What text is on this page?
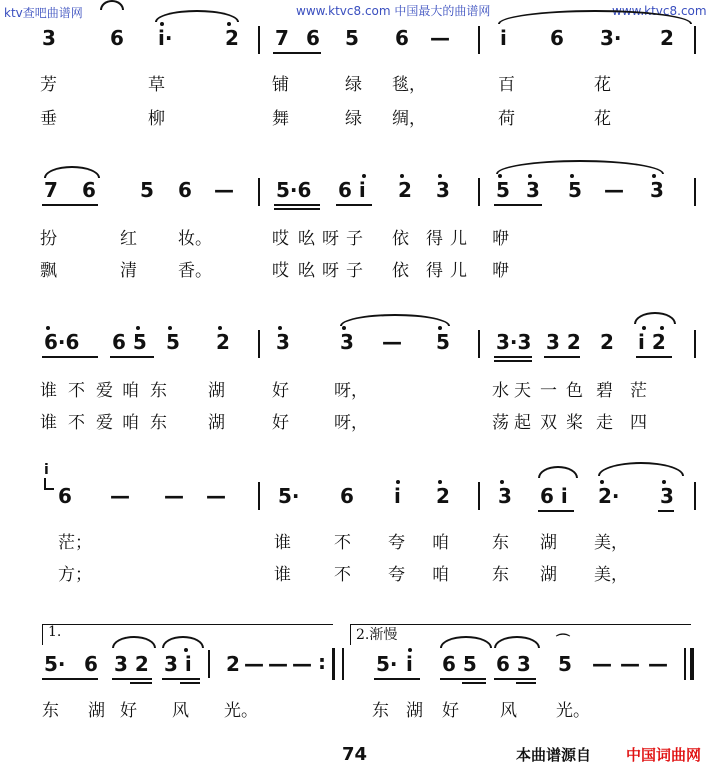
ktv查吧曲谱网	www.ktvc8.com 中国最大的曲谱网	www.ktvc8.com
3	6 i·	2 7 6 5 6 —	i 6 3· 2
芳	草	铺	绿 毯，	百	花
垂	柳	舞	绿 绸，	荷	花
7 6 5 6 — 5·6 6 i 2 3 5 3 5 — 3
扮	红 妆。	哎 吆 呀 子 依 得 儿 咿
飘	清 香。	哎 吆 呀 子 依 得 儿 咿
6·6 6 5 5 2 3	3 — 5 3·3 3 2 2 i 2
谁 不 爱 咱 东 湖	好	呀，	水 天 一 色 碧 茫
谁 不 爱 咱 东 湖	好	呀，	荡 起 双 桨 走 四
i
6 — — —	5· 6 i 2 3 6 i 2· 3
茫；	谁	不 夸 咱	东 湖 美，
方；	谁	不 夸 咱	东 湖 美，
1.	2.渐慢
5· 6 3 2 3 i 2 — — — :	5· i 6 5 6 3
⌒
5 — — —
东 湖 好 风 光。	东 湖 好 风 光。
74	本曲谱源自 中国词曲网
